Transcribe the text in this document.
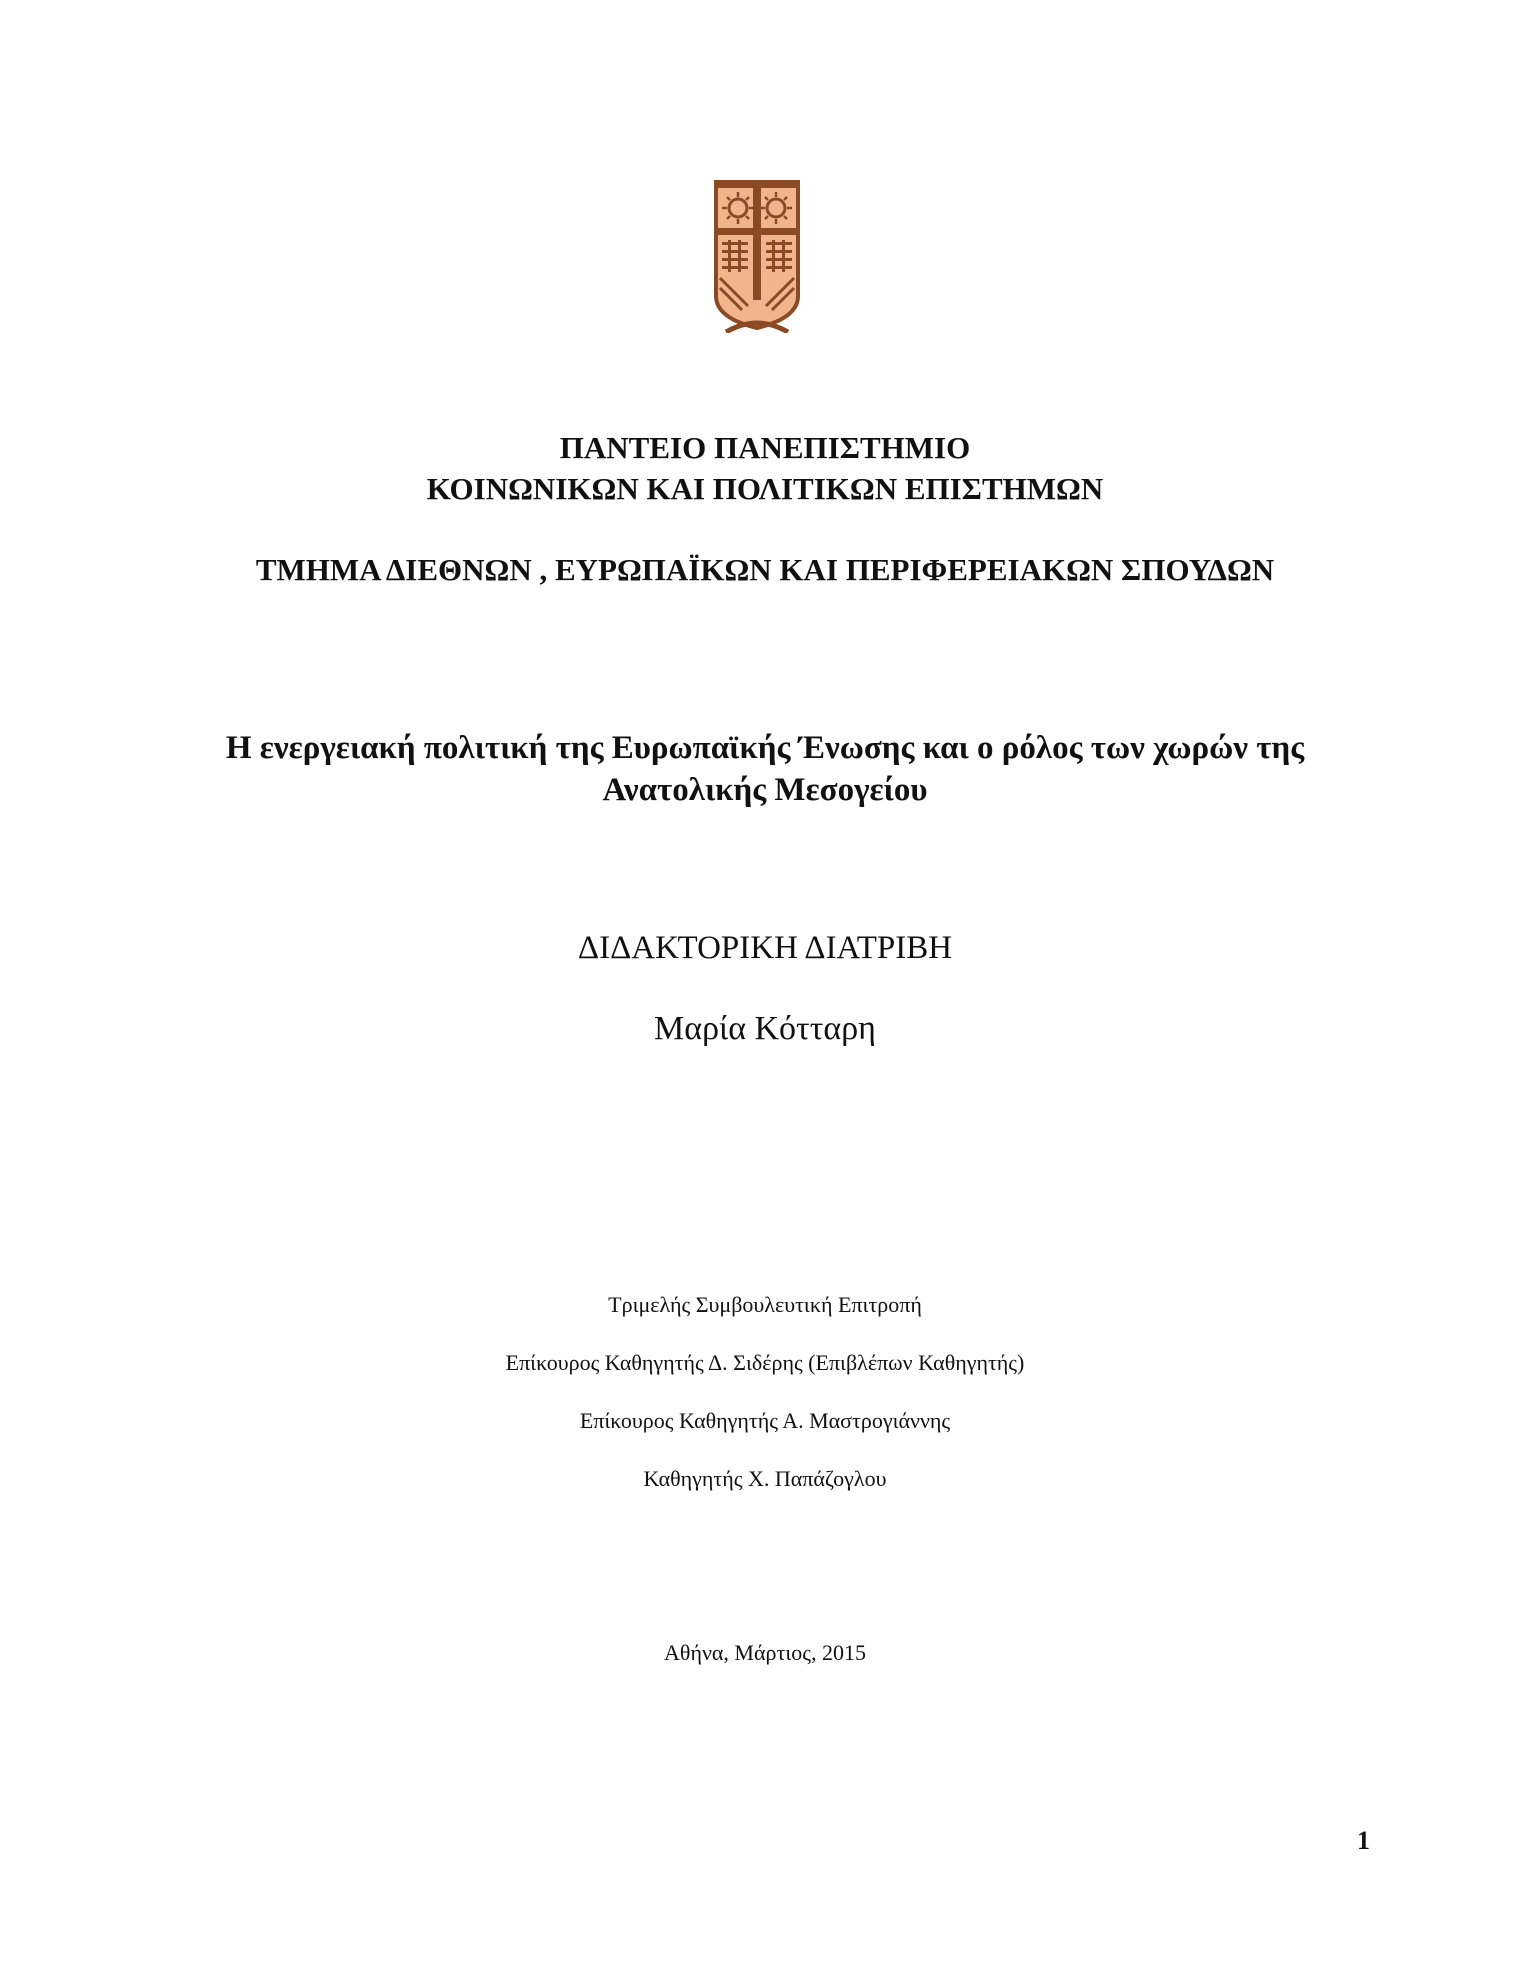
ΠΑΝΤΕΙΟ ΠΑΝΕΠΙΣΤΗΜΙΟ
ΚΟΙΝΩΝΙΚΩΝ ΚΑΙ ΠΟΛΙΤΙΚΩΝ ΕΠΙΣΤΗΜΩΝ
ΤΜΗΜΑ ΔΙΕΘΝΩΝ , ΕΥΡΩΠΑΪΚΩΝ ΚΑΙ ΠΕΡΙΦΕΡΕΙΑΚΩΝ ΣΠΟΥΔΩΝ
Η ενεργειακή πολιτική της Ευρωπαϊκής Ένωσης και ο ρόλος των χωρών της
Ανατολικής Μεσογείου
ΔΙΔΑΚΤΟΡΙΚΗ ΔΙΑΤΡΙΒΗ
Μαρία Κότταρη
Τριμελής Συμβουλευτική Επιτροπή
Επίκουρος Καθηγητής Δ. Σιδέρης (Επιβλέπων Καθηγητής)
Επίκουρος Καθηγητής Α. Μαστρογιάννης
Καθηγητής Χ. Παπάζογλου
Αθήνα, Μάρτιος, 2015
1
